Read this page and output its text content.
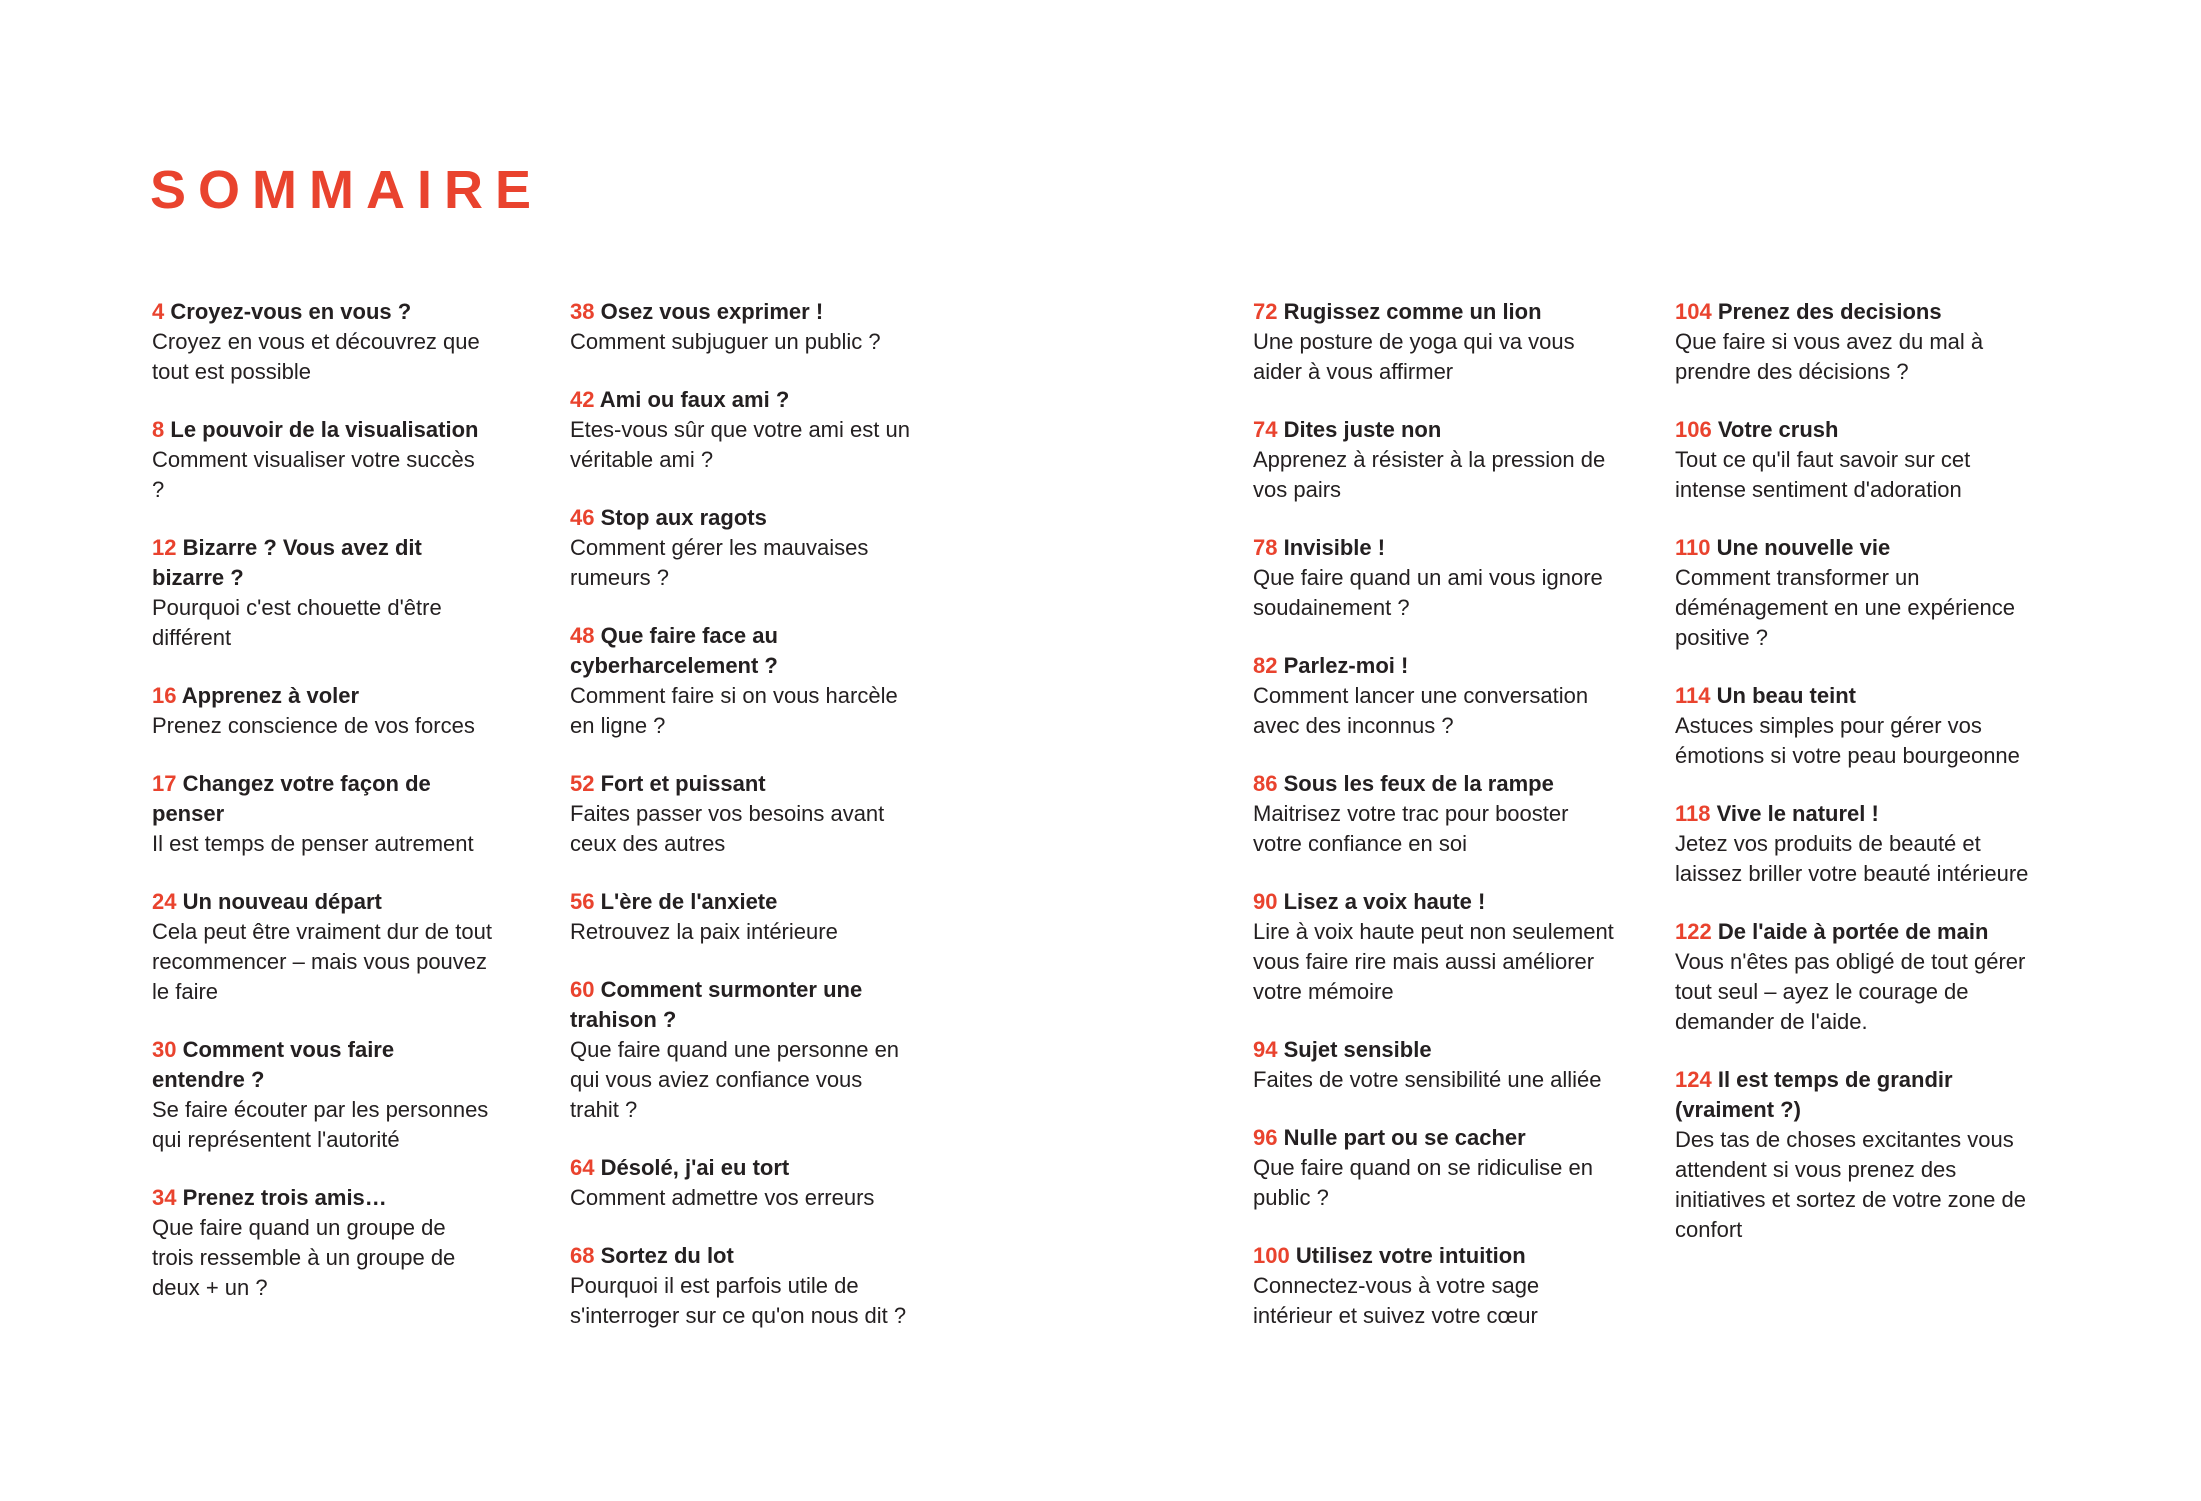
SOMMAIRE
4 Croyez-vous en vous ?
Croyez en vous et découvrez que tout est possible
8 Le pouvoir de la visualisation
Comment visualiser votre succès ?
12 Bizarre ? Vous avez dit bizarre ?
Pourquoi c'est chouette d'être différent
16 Apprenez à voler
Prenez conscience de vos forces
17 Changez votre façon de penser
Il est temps de penser autrement
24 Un nouveau départ
Cela peut être vraiment dur de tout recommencer – mais vous pouvez le faire
30 Comment vous faire entendre ?
Se faire écouter par les personnes qui représentent l'autorité
34 Prenez trois amis…
Que faire quand un groupe de trois ressemble à un groupe de deux + un ?
38 Osez vous exprimer !
Comment subjuguer un public ?
42 Ami ou faux ami ?
Etes-vous sûr que votre ami est un véritable ami ?
46 Stop aux ragots
Comment gérer les mauvaises rumeurs ?
48 Que faire face au cyberharcelement ?
Comment faire si on vous harcèle en ligne ?
52 Fort et puissant
Faites passer vos besoins avant ceux des autres
56 L'ère de l'anxiete
Retrouvez la paix intérieure
60 Comment surmonter une trahison ?
Que faire quand une personne en qui vous aviez confiance vous trahit ?
64 Désolé, j'ai eu tort
Comment admettre vos erreurs
68 Sortez du lot
Pourquoi il est parfois utile de s'interroger sur ce qu'on nous dit ?
72 Rugissez comme un lion
Une posture de yoga qui va vous aider à vous affirmer
74 Dites juste non
Apprenez à résister à la pression de vos pairs
78 Invisible !
Que faire quand un ami vous ignore soudainement ?
82 Parlez-moi !
Comment lancer une conversation avec des inconnus ?
86 Sous les feux de la rampe
Maitrisez votre trac pour booster votre confiance en soi
90 Lisez a voix haute !
Lire à voix haute peut non seulement vous faire rire mais aussi améliorer votre mémoire
94 Sujet sensible
Faites de votre sensibilité une alliée
96 Nulle part ou se cacher
Que faire quand on se ridiculise en public ?
100 Utilisez votre intuition
Connectez-vous à votre sage intérieur et suivez votre cœur
104 Prenez des decisions
Que faire si vous avez du mal à prendre des décisions ?
106 Votre crush
Tout ce qu'il faut savoir sur cet intense sentiment d'adoration
110 Une nouvelle vie
Comment transformer un déménagement en une expérience positive ?
114 Un beau teint
Astuces simples pour gérer vos émotions si votre peau bourgeonne
118 Vive le naturel !
Jetez vos produits de beauté et laissez briller votre beauté intérieure
122 De l'aide à portée de main
Vous n'êtes pas obligé de tout gérer tout seul – ayez le courage de demander de l'aide.
124 Il est temps de grandir (vraiment ?)
Des tas de choses excitantes vous attendent si vous prenez des initiatives et sortez de votre zone de confort
